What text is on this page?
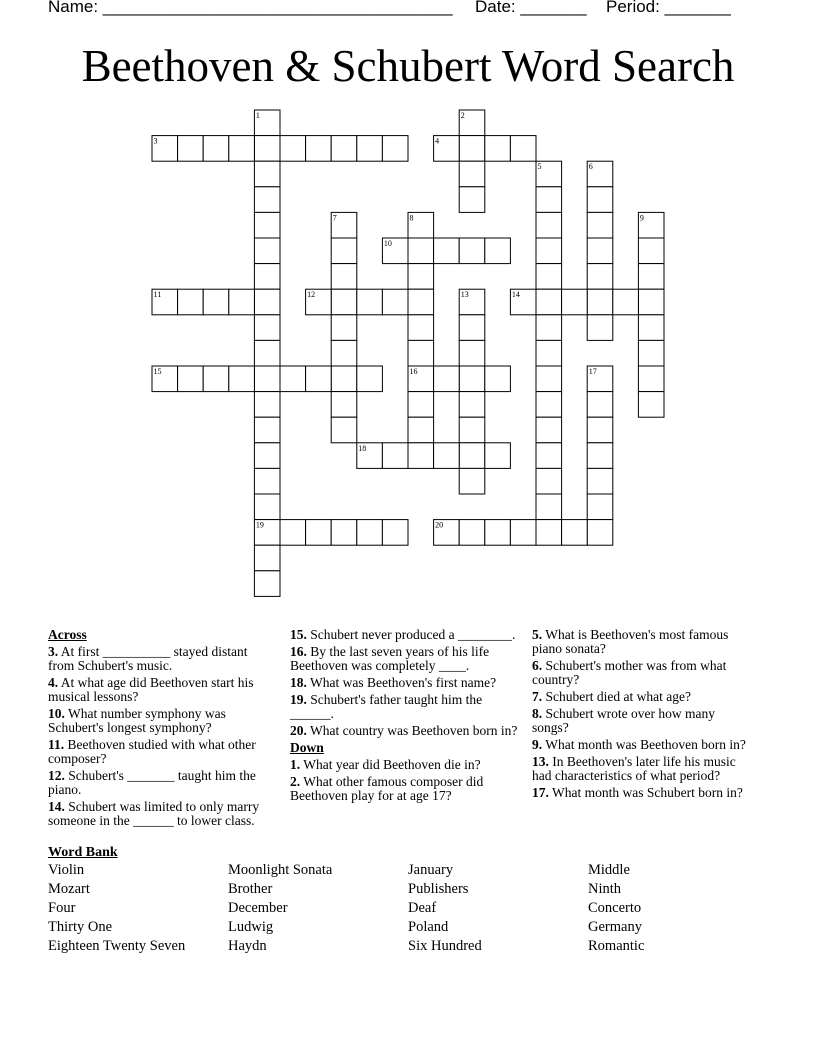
Name: _____________________________________ Date: _______ Period: _______
Beethoven & Schubert Word Search
1	2
3	4
5	6
7	8	9
10
11	12	13	14
15	16	17
18
19	20
Across
3. At first __________ stayed distant from Schubert's music.
4. At what age did Beethoven start his musical lessons?
10. What number symphony was Schubert's longest symphony?
11. Beethoven studied with what other composer?
12. Schubert's _______ taught him the piano.
14. Schubert was limited to only marry someone in the ______ to lower class.
15. Schubert never produced a ________.
16. By the last seven years of his life Beethoven was completely ____.
18. What was Beethoven's first name?
19. Schubert's father taught him the ______.
20. What country was Beethoven born in?
Down
1. What year did Beethoven die in?
2. What other famous composer did Beethoven play for at age 17?
5. What is Beethoven's most famous piano sonata?
6. Schubert's mother was from what country?
7. Schubert died at what age?
8. Schubert wrote over how many songs?
9. What month was Beethoven born in?
13. In Beethoven's later life his music had characteristics of what period?
17. What month was Schubert born in?
Word Bank
Violin	Moonlight Sonata	January	Middle
Mozart	Brother	Publishers	Ninth
Four	December	Deaf	Concerto
Thirty One	Ludwig	Poland	Germany
Eighteen Twenty Seven	Haydn	Six Hundred	Romantic
